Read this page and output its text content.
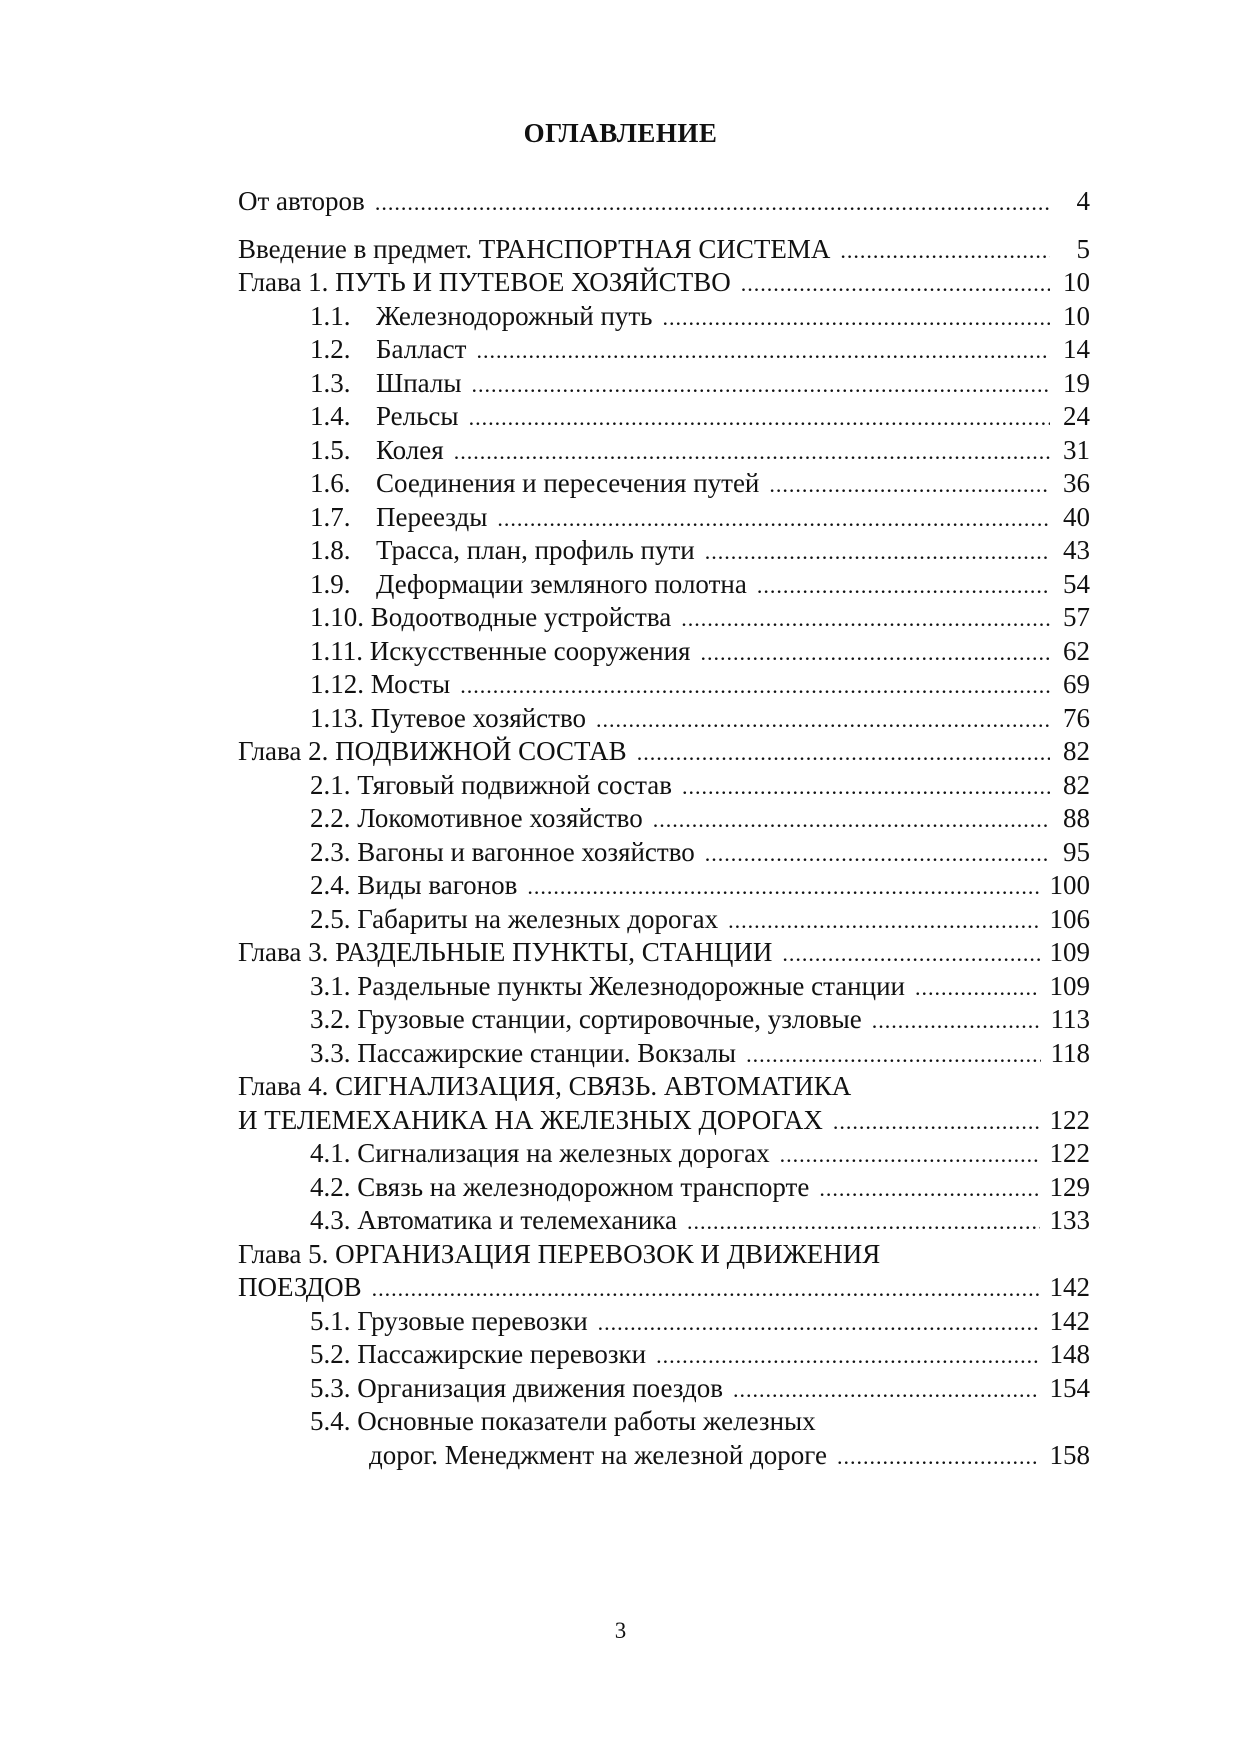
ОГЛАВЛЕНИЕ
От авторов .....	4
Введение в предмет. ТРАНСПОРТНАЯ СИСТЕМА .....	5
Глава 1. ПУТЬ И ПУТЕВОЕ ХОЗЯЙСТВО .....	10
1.1. Железнодорожный путь .....	10
1.2. Балласт .....	14
1.3. Шпалы .....	19
1.4. Рельсы .....	24
1.5. Колея .....	31
1.6. Соединения и пересечения путей .....	36
1.7. Переезды .....	40
1.8. Трасса, план, профиль пути .....	43
1.9. Деформации земляного полотна .....	54
1.10. Водоотводные устройства .....	57
1.11. Искусственные сооружения .....	62
1.12. Мосты .....	69
1.13. Путевое хозяйство .....	76
Глава 2. ПОДВИЖНОЙ СОСТАВ .....	82
2.1. Тяговый подвижной состав .....	82
2.2. Локомотивное хозяйство .....	88
2.3. Вагоны и вагонное хозяйство .....	95
2.4. Виды вагонов .....	100
2.5. Габариты на железных дорогах .....	106
Глава 3. РАЗДЕЛЬНЫЕ ПУНКТЫ, СТАНЦИИ .....	109
3.1. Раздельные пункты Железнодорожные станции .....	109
3.2. Грузовые станции, сортировочные, узловые .....	113
3.3. Пассажирские станции. Вокзалы .....	118
Глава 4. СИГНАЛИЗАЦИЯ, СВЯЗЬ. АВТОМАТИКА
И ТЕЛЕМЕХАНИКА НА ЖЕЛЕЗНЫХ ДОРОГАХ .....	122
4.1. Сигнализация на железных дорогах .....	122
4.2. Связь на железнодорожном транспорте .....	129
4.3. Автоматика и телемеханика .....	133
Глава 5. ОРГАНИЗАЦИЯ ПЕРЕВОЗОК И ДВИЖЕНИЯ
ПОЕЗДОВ .....	142
5.1. Грузовые перевозки .....	142
5.2. Пассажирские перевозки .....	148
5.3. Организация движения поездов .....	154
5.4. Основные показатели работы железных
дорог. Менеджмент на железной дороге .....	158
3
